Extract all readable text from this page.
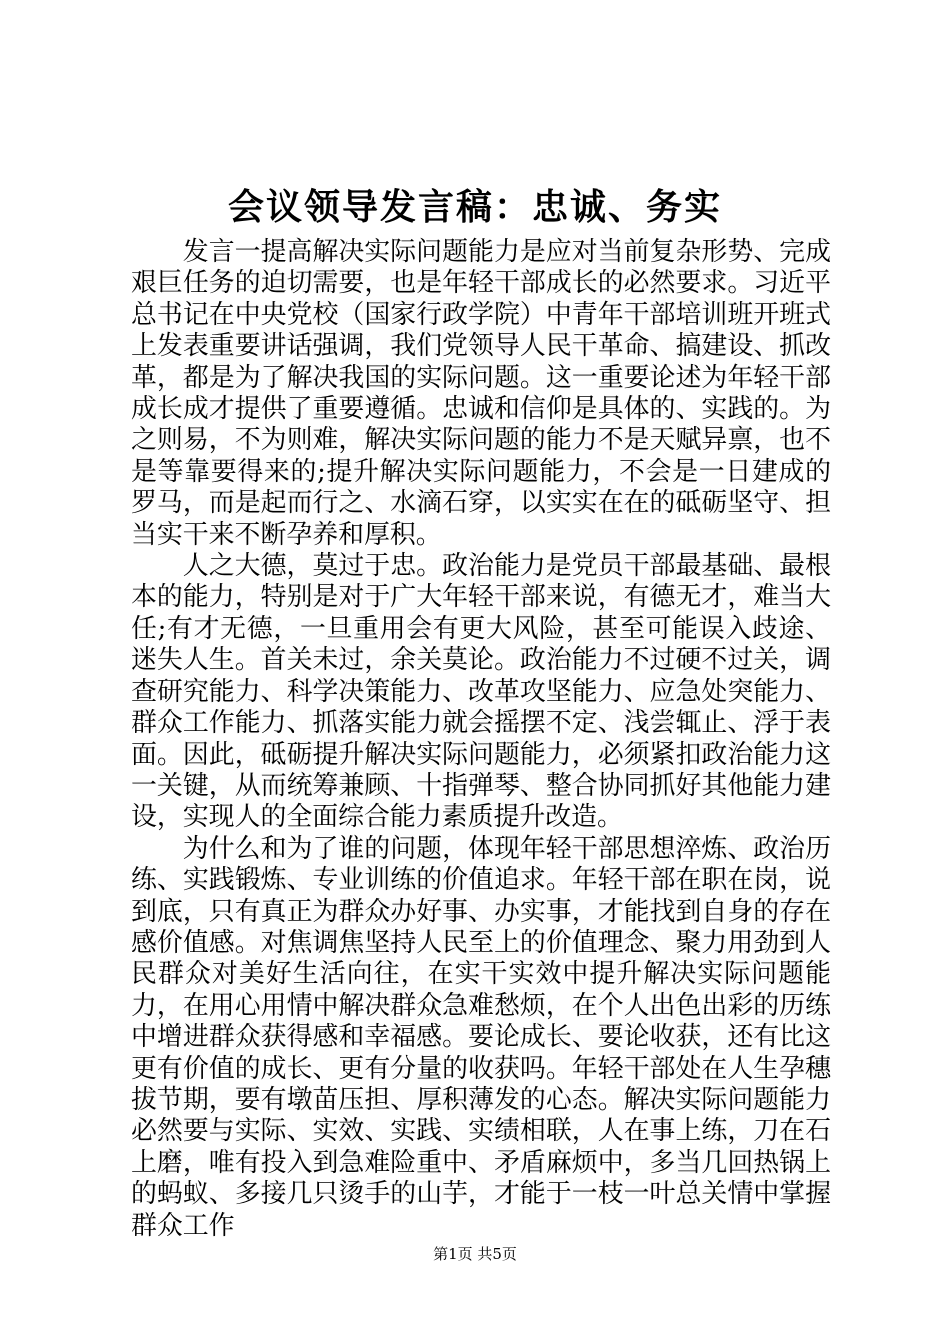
会议领导发言稿：忠诚、务实

发言一提高解决实际问题能力是应对当前复杂形势、完成艰巨任务的迫切需要，也是年轻干部成长的必然要求。习近平总书记在中央党校（国家行政学院）中青年干部培训班开班式上发表重要讲话强调，我们党领导人民干革命、搞建设、抓改革，都是为了解决我国的实际问题。这一重要论述为年轻干部成长成才提供了重要遵循。忠诚和信仰是具体的、实践的。为之则易，不为则难，解决实际问题的能力不是天赋异禀，也不是等靠要得来的;提升解决实际问题能力，不会是一日建成的罗马，而是起而行之、水滴石穿，以实实在在的砥砺坚守、担当实干来不断孕养和厚积。

人之大德，莫过于忠。政治能力是党员干部最基础、最根本的能力，特别是对于广大年轻干部来说，有德无才，难当大任;有才无德，一旦重用会有更大风险，甚至可能误入歧途、迷失人生。首关未过，余关莫论。政治能力不过硬不过关，调查研究能力、科学决策能力、改革攻坚能力、应急处突能力、群众工作能力、抓落实能力就会摇摆不定、浅尝辄止、浮于表面。因此，砥砺提升解决实际问题能力，必须紧扣政治能力这一关键，从而统筹兼顾、十指弹琴、整合协同抓好其他能力建设，实现人的全面综合能力素质提升改造。

为什么和为了谁的问题，体现年轻干部思想淬炼、政治历练、实践锻炼、专业训练的价值追求。年轻干部在职在岗，说到底，只有真正为群众办好事、办实事，才能找到自身的存在感价值感。对焦调焦坚持人民至上的价值理念、聚力用劲到人民群众对美好生活向往，在实干实效中提升解决实际问题能力，在用心用情中解决群众急难愁烦，在个人出色出彩的历练中增进群众获得感和幸福感。要论成长、要论收获，还有比这更有价值的成长、更有分量的收获吗。年轻干部处在人生孕穗拔节期，要有墩苗压担、厚积薄发的心态。解决实际问题能力必然要与实际、实效、实践、实绩相联，人在事上练，刀在石上磨，唯有投入到急难险重中、矛盾麻烦中，多当几回热锅上的蚂蚁、多接几只烫手的山芋，才能于一枝一叶总关情中掌握群众工作

第1页 共5页
